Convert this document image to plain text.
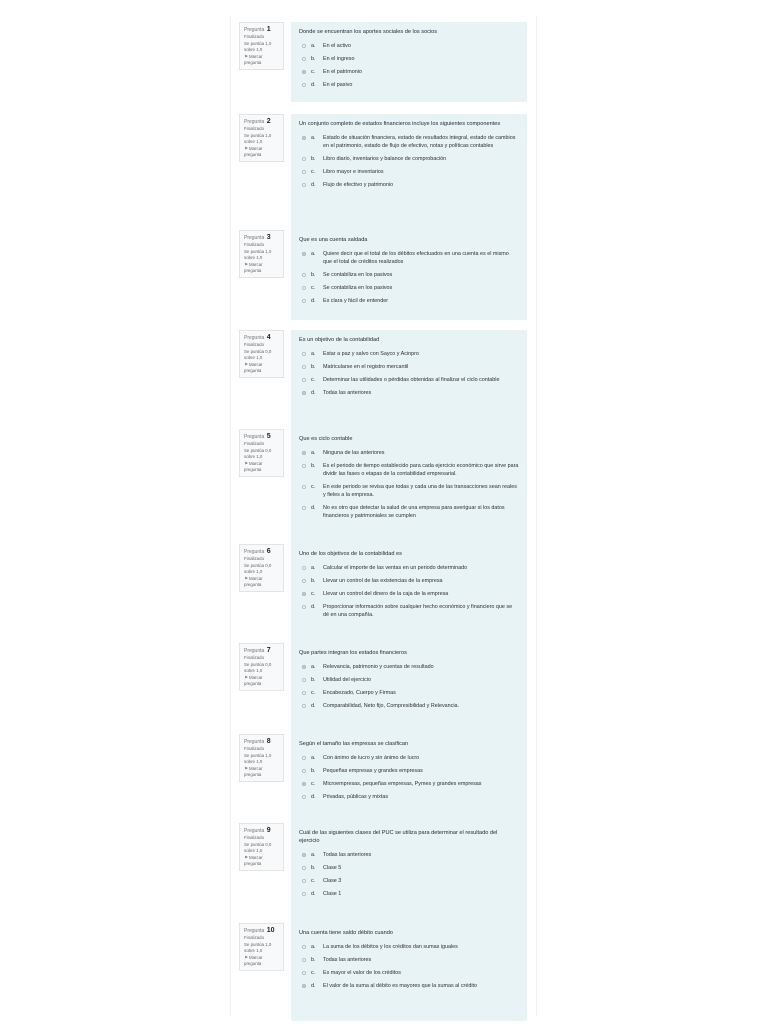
Pregunta 1
Finalizado
Se puntúa 1,0 sobre 1,0
⚑Marcar pregunta
Donde se encuentran los aportes sociales de los socios
a.	En el activo
b.	En el ingreso
c.	En el patrimonio
d.	En el pasivo
Pregunta 2
Finalizado
Se puntúa 1,0 sobre 1,0
⚑Marcar pregunta
Un conjunto completo de estados financieros incluye los siguientes componentes
a.	Estado de situación financiera, estado de resultados integral, estado de cambios en el patrimonio, estado de flujo de efectivo, notas y políticas contables
b.	Libro diario, inventarios y balance de comprobación
c.	Libro mayor e inventarios
d.	Flujo de efectivo y patrimonio
Pregunta 3
Finalizado
Se puntúa 1,0 sobre 1,0
⚑Marcar pregunta
Que es una cuenta saldada
a.	Quiere decir que el total de los débitos efectuados en una cuenta es el mismo que el total de créditos realizados
b.	Se contabiliza en los pasivos
c.	Se contabiliza en los pasivos
d.	Es clara y fácil de entender
Pregunta 4
Finalizado
Se puntúa 0,0 sobre 1,0
⚑Marcar pregunta
Es un objetivo de la contabilidad
a.	Estar a paz y salvo con Sayco y Acinpro
b.	Matricularse en el registro mercantil
c.	Determinar las utilidades o pérdidas obtenidas al finalizar el ciclo contable
d.	Todas las anteriores
Pregunta 5
Finalizado
Se puntúa 0,0 sobre 1,0
⚑Marcar pregunta
Que es ciclo contable
a.	Ninguna de las anteriores
b.	Es el periodo de tiempo establecido para cada ejercicio económico que sirve para dividir las fases o etapas de la contabilidad empresarial.
c.	En este periodo se revisa que todas y cada una de las transacciones sean reales y fieles a la empresa.
d.	No es otro que detectar la salud de una empresa para averiguar si los datos financieros y patrimoniales se cumplen
Pregunta 6
Finalizado
Se puntúa 0,0 sobre 1,0
⚑Marcar pregunta
Uno de los objetivos de la contabilidad es
a.	Calcular el importe de las ventas en un periodo determinado
b.	Llevar un control de las existencias de la empresa
c.	Llevar un control del dinero de la caja de la empresa
d.	Proporcionar información sobre cualquier hecho económico y financiero que se dé en una compañía.
Pregunta 7
Finalizado
Se puntúa 0,0 sobre 1,0
⚑Marcar pregunta
Que partes integran los estados financieros
a.	Relevancia, patrimonio y cuentas de resultado
b.	Utilidad del ejercicio
c.	Encabezado, Cuerpo y Firmas
d.	Comparabilidad, Neto fijo, Compresibilidad y Relevancia.
Pregunta 8
Finalizado
Se puntúa 1,0 sobre 1,0
⚑Marcar pregunta
Según el tamaño las empresas se clasifican
a.	Con ánimo de lucro y sin ánimo de lucro
b.	Pequeñas empresas y grandes empresas
c.	Microempresas, pequeñas empresas, Pymes y grandes empresas
d.	Privadas, públicas y mixtas
Pregunta 9
Finalizado
Se puntúa 0,0 sobre 1,0
⚑Marcar pregunta
Cuál de las siguientes clases del PUC se utiliza para determinar el resultado del ejercicio
a.	Todas las anteriores
b.	Clase 5
c.	Clase 3
d.	Clase 1
Pregunta 10
Finalizado
Se puntúa 1,0 sobre 1,0
⚑Marcar pregunta
Una cuenta tiene saldo débito cuando
a.	La suma de los débitos y los créditos dan sumas iguales
b.	Todas las anteriores
c.	Es mayor el valor de los créditos
d.	El valor de la suma al débito es mayores que la sumas al crédito
